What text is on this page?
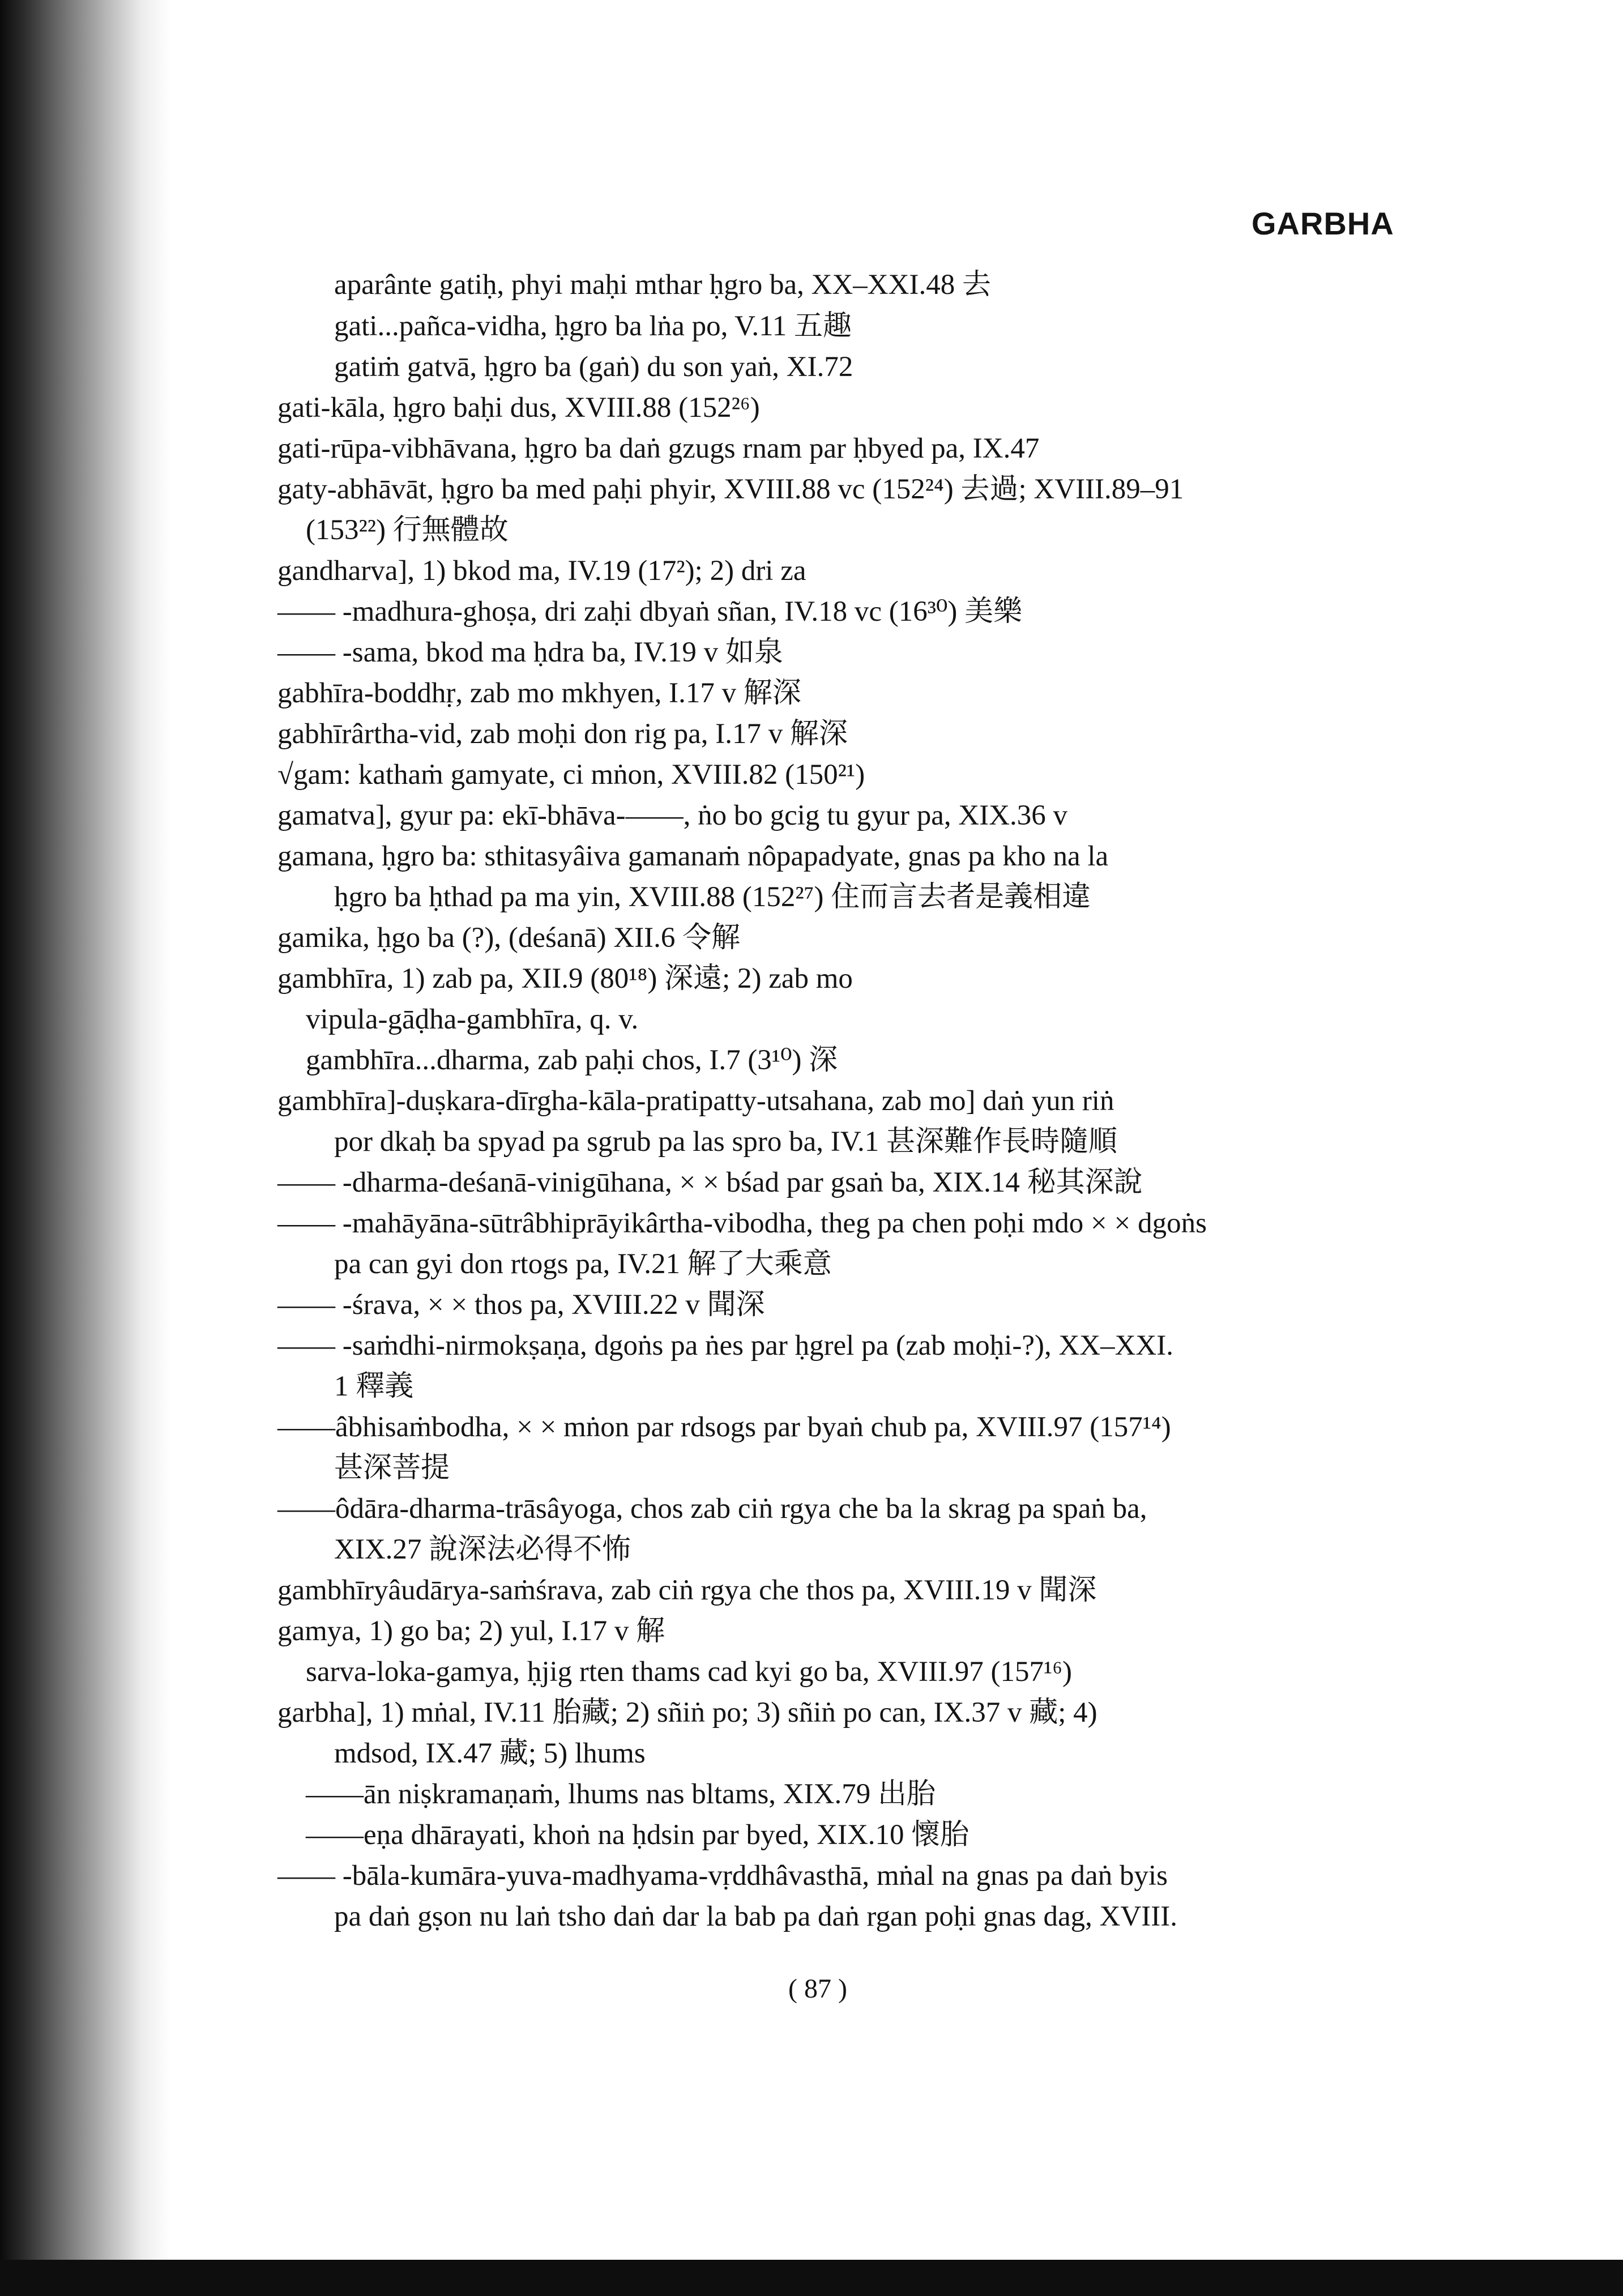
GARBHA
aparânte gatiḥ, phyi maḥi mthar ḥgro ba, XX–XXI.48 去
gati...pañca-vidha, ḥgro ba lṅa po, V.11 五趣
gatiṁ gatvā, ḥgro ba (gaṅ) du son yaṅ, XI.72
gati-kāla, ḥgro baḥi dus, XVIII.88 (152²⁶)
gati-rūpa-vibhāvana, ḥgro ba daṅ gzugs rnam par ḥbyed pa, IX.47
gaty-abhāvāt, ḥgro ba med paḥi phyir, XVIII.88 vc (152²⁴) 去過; XVIII.89–91
(153²²) 行無體故
gandharva], 1) bkod ma, IV.19 (17²); 2) dri za
—— -madhura-ghoṣa, dri zaḥi dbyaṅ sñan, IV.18 vc (16³⁰) 美樂
—— -sama, bkod ma ḥdra ba, IV.19 v 如泉
gabhīra-boddhṛ, zab mo mkhyen, I.17 v 解深
gabhīrârtha-vid, zab moḥi don rig pa, I.17 v 解深
√gam: kathaṁ gamyate, ci mṅon, XVIII.82 (150²¹)
gamatva], gyur pa: ekī-bhāva-——, ṅo bo gcig tu gyur pa, XIX.36 v
gamana, ḥgro ba: sthitasyâiva gamanaṁ nôpapadyate, gnas pa kho na la
ḥgro ba ḥthad pa ma yin, XVIII.88 (152²⁷) 住而言去者是義相違
gamika, ḥgo ba (?), (deśanā) XII.6 令解
gambhīra, 1) zab pa, XII.9 (80¹⁸) 深遠; 2) zab mo
vipula-gāḍha-gambhīra, q. v.
gambhīra...dharma, zab paḥi chos, I.7 (3¹⁰) 深
gambhīra]-duṣkara-dīrgha-kāla-pratipatty-utsahana, zab mo] daṅ yun riṅ
por dkaḥ ba spyad pa sgrub pa las spro ba, IV.1 甚深難作長時隨順
—— -dharma-deśanā-vinigūhana, × × bśad par gsaṅ ba, XIX.14 秘其深說
—— -mahāyāna-sūtrâbhiprāyikârtha-vibodha, theg pa chen poḥi mdo × × dgoṅs
pa can gyi don rtogs pa, IV.21 解了大乘意
—— -śrava, × × thos pa, XVIII.22 v 聞深
—— -saṁdhi-nirmokṣaṇa, dgoṅs pa ṅes par ḥgrel pa (zab moḥi-?), XX–XXI.
1 釋義
——âbhisaṁbodha, × × mṅon par rdsogs par byaṅ chub pa, XVIII.97 (157¹⁴)
甚深菩提
——ôdāra-dharma-trāsâyoga, chos zab ciṅ rgya che ba la skrag pa spaṅ ba,
XIX.27 說深法必得不怖
gambhīryâudārya-saṁśrava, zab ciṅ rgya che thos pa, XVIII.19 v 聞深
gamya, 1) go ba; 2) yul, I.17 v 解
sarva-loka-gamya, ḥjig rten thams cad kyi go ba, XVIII.97 (157¹⁶)
garbha], 1) mṅal, IV.11 胎藏; 2) sñiṅ po; 3) sñiṅ po can, IX.37 v 藏; 4)
mdsod, IX.47 藏; 5) lhums
——ān niṣkramaṇaṁ, lhums nas bltams, XIX.79 出胎
——eṇa dhārayati, khoṅ na ḥdsin par byed, XIX.10 懷胎
—— -bāla-kumāra-yuva-madhyama-vṛddhâvasthā, mṅal na gnas pa daṅ byis
pa daṅ gṣon nu laṅ tsho daṅ dar la bab pa daṅ rgan poḥi gnas dag, XVIII.
( 87 )
